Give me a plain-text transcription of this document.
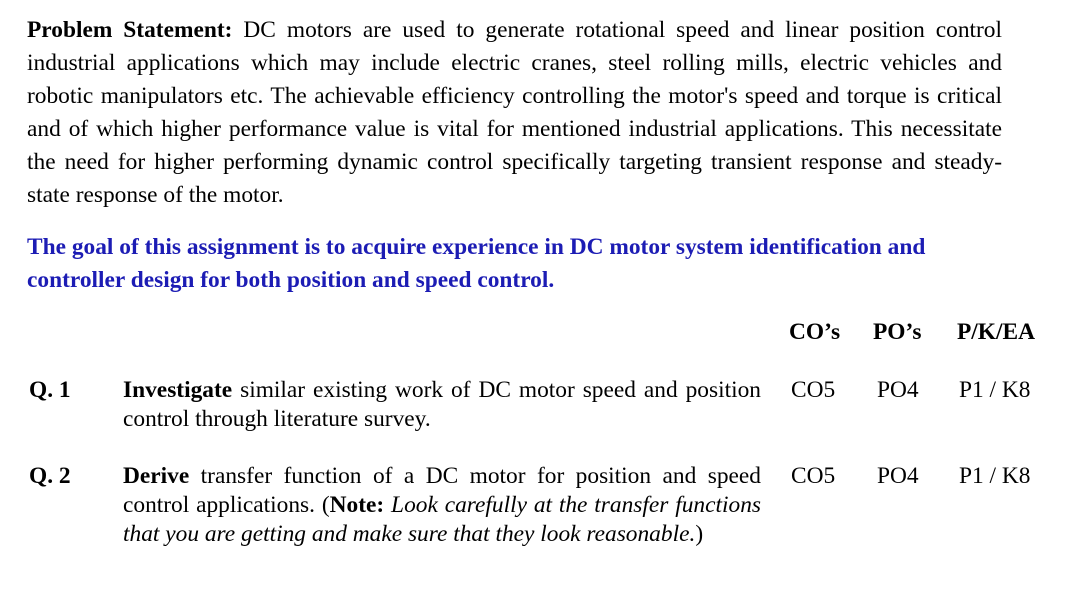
Problem Statement: DC motors are used to generate rotational speed and linear position control industrial applications which may include electric cranes, steel rolling mills, electric vehicles and robotic manipulators etc. The achievable efficiency controlling the motor's speed and torque is critical and of which higher performance value is vital for mentioned industrial applications. This necessitate the need for higher performing dynamic control specifically targeting transient response and steady-state response of the motor.

The goal of this assignment is to acquire experience in DC motor system identification and controller design for both position and speed control.

CO’s PO’s P/K/EA
Q. 1 Investigate similar existing work of DC motor speed and position control through literature survey.

CO5 PO4 P1 / K8
Q. 2 Derive transfer function of a DC motor for position and speed control applications. (Note: Look carefully at the transfer functions that you are getting and make sure that they look reasonable.)

CO5 PO4 P1 / K8
